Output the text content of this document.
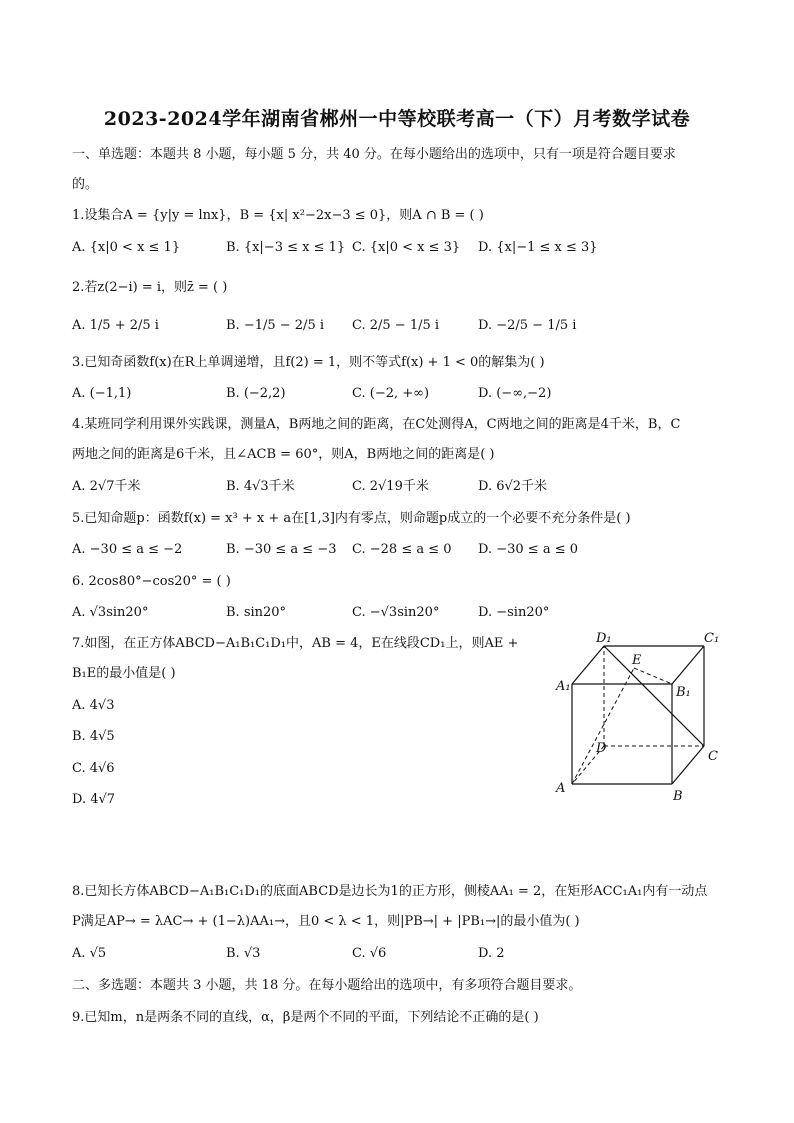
2023-2024学年湖南省郴州一中等校联考高一（下）月考数学试卷
一、单选题：本题共 8 小题，每小题 5 分，共 40 分。在每小题给出的选项中，只有一项是符合题目要求
的。
1.设集合A = {y|y = lnx}，B = {x| x²−2x−3 ≤ 0}，则A ∩ B = ( )
A. {x|0 < x ≤ 1}	B. {x|−3 ≤ x ≤ 1} C. {x|0 < x ≤ 3} D. {x|−1 ≤ x ≤ 3}
2.若z(2−i) = i，则z̄ = ( )
A. 1/5 + 2/5 i	B. −1/5 − 2/5 i C. 2/5 − 1/5 i	D. −2/5 − 1/5 i
3.已知奇函数f(x)在R上单调递增，且f(2) = 1，则不等式f(x) + 1 < 0的解集为( )
A. (−1,1)	B. (−2,2)	C. (−2, +∞)	D. (−∞,−2)
4.某班同学利用课外实践课，测量A，B两地之间的距离，在C处测得A，C两地之间的距离是4千米，B，C
两地之间的距离是6千米，且∠ACB = 60°，则A，B两地之间的距离是( )
A. 2√7千米	B. 4√3千米	C. 2√19千米	D. 6√2千米
5.已知命题p：函数f(x) = x³ + x + a在[1,3]内有零点，则命题p成立的一个必要不充分条件是( )
A. −30 ≤ a ≤ −2	B. −30 ≤ a ≤ −3 C. −28 ≤ a ≤ 0 D. −30 ≤ a ≤ 0
6. 2cos80°−cos20° = ( )
A. √3sin20°	B. sin20°	C. −√3sin20°	D. −sin20°
7.如图，在正方体ABCD−A₁B₁C₁D₁中，AB = 4，E在线段CD₁上，则AE +
B₁E的最小值是( )
A. 4√3
B. 4√5
C. 4√6
D. 4√7
A
B
C
D
A₁	B₁
C₁
D₁
E
8.已知长方体ABCD−A₁B₁C₁D₁的底面ABCD是边长为1的正方形，侧棱AA₁ = 2，在矩形ACC₁A₁内有一动点
P满足AP→ = λAC→ + (1−λ)AA₁→，且0 < λ < 1，则|PB→| + |PB₁→|的最小值为( )
A. √5	B. √3	C. √6	D. 2
二、多选题：本题共 3 小题，共 18 分。在每小题给出的选项中，有多项符合题目要求。
9.已知m，n是两条不同的直线，α，β是两个不同的平面，下列结论不正确的是( )
